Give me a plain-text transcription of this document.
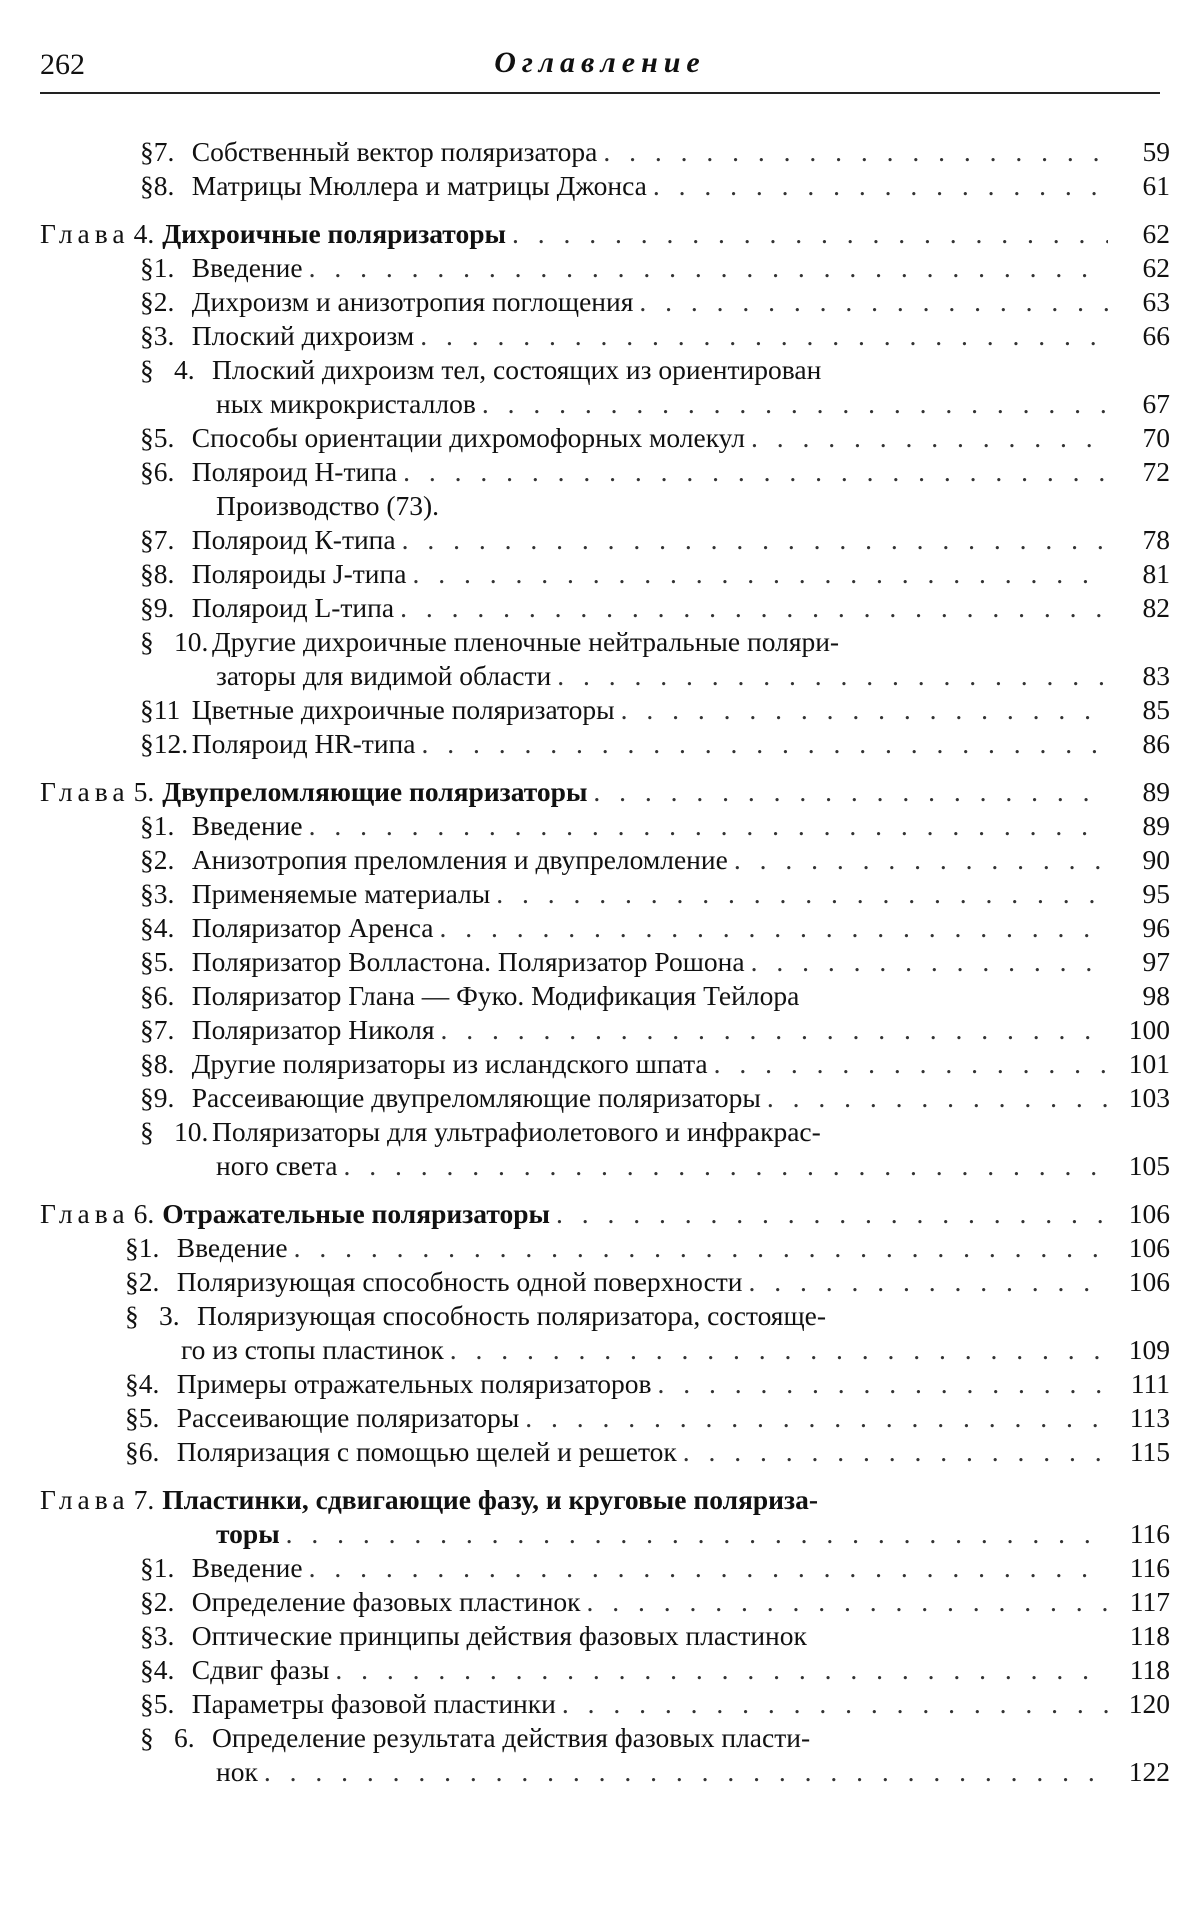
262	Оглавление
§ 7. Собственный вектор поляризатора . . .	59
§ 8. Матрицы Мюллера и матрицы Джонса . . .	61
Глава 4. Дихроичные поляризаторы . . .	62
§ 1. Введение . . .	62
§ 2. Дихроизм и анизотропия поглощения . . .	63
§ 3. Плоский дихроизм . . .	66
§ 4. Плоский дихроизм тел, состоящих из ориентирован
ных микрокристаллов . . .	67
§ 5. Способы ориентации дихромофорных молекул . . .	70
§ 6. Поляроид Н-типа . . .	72
Производство (73).
§ 7. Поляроид К-типа . . .	78
§ 8. Поляроиды J-типа . . .	81
§ 9. Поляроид L-типа . . .	82
§ 10. Другие дихроичные пленочные нейтральные поляри-
заторы для видимой области . . .	83
§ 11 Цветные дихроичные поляризаторы . . .	85
§ 12. Поляроид HR-типа . . .	86
Глава 5. Двупреломляющие поляризаторы . . .	89
§ 1. Введение . . .	89
§ 2. Анизотропия преломления и двупреломление . . .	90
§ 3. Применяемые материалы . . .	95
§ 4. Поляризатор Аренса . . .	96
§ 5. Поляризатор Волластона. Поляризатор Рошона . . .	97
§ 6. Поляризатор Глана — Фуко. Модификация Тейлора	98
§ 7. Поляризатор Николя . . .	100
§ 8. Другие поляризаторы из исландского шпата . . .	101
§ 9. Рассеивающие двупреломляющие поляризаторы . . .	103
§ 10. Поляризаторы для ультрафиолетового и инфракрас-
ного света . . .	105
Глава 6. Отражательные поляризаторы . . .	106
§ 1. Введение . . .	106
§ 2. Поляризующая способность одной поверхности . . .	106
§ 3. Поляризующая способность поляризатора, состояще-
го из стопы пластинок . . .	109
§ 4. Примеры отражательных поляризаторов . . .	111
§ 5. Рассеивающие поляризаторы . . .	113
§ 6. Поляризация с помощью щелей и решеток . . .	115
Глава 7. Пластинки, сдвигающие фазу, и круговые поляриза-
торы . . .	116
§ 1. Введение . . .	116
§ 2. Определение фазовых пластинок . . .	117
§ 3. Оптические принципы действия фазовых пластинок	118
§ 4. Сдвиг фазы . . .	118
§ 5. Параметры фазовой пластинки . . .	120
§ 6. Определение результата действия фазовых пласти-
нок . . .	122
